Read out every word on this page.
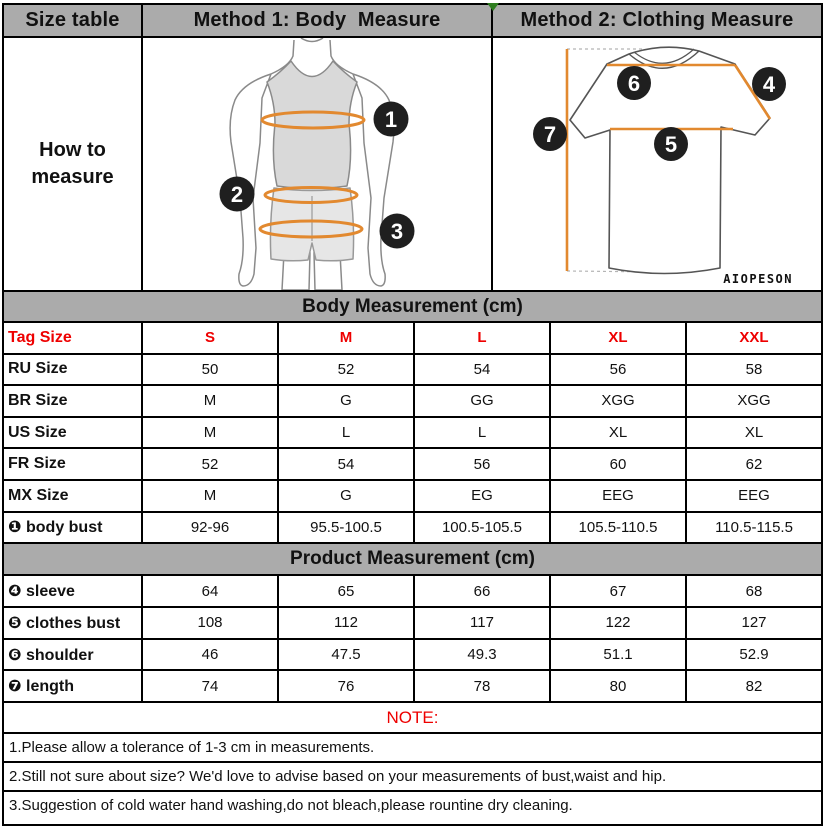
Size table	Method 1: Body  Measure	Method 2: Clothing Measure
How to
measure
1
2
3
6	4
5
7
AIOPESON
Body Measurement (cm)
Tag Size	S	M	L	XL	XXL
RU Size	50	52	54	56	58
BR Size	M	G	GG	XGG	XGG
US Size	M	L	L	XL	XL
FR Size	52	54	56	60	62
MX Size	M	G	EG	EEG	EEG
❶ body bust	92-96	95.5-100.5	100.5-105.5	105.5-110.5	110.5-115.5
Product Measurement (cm)
❹ sleeve	64	65	66	67	68
❺ clothes bust	108	112	117	122	127
❻ shoulder	46	47.5	49.3	51.1	52.9
❼ length	74	76	78	80	82
NOTE:
1.Please allow a tolerance of 1-3 cm in measurements.
2.Still not sure about size? We'd love to advise based on your measurements of bust,waist and hip.
3.Suggestion of cold water hand washing,do not bleach,please rountine dry cleaning.
